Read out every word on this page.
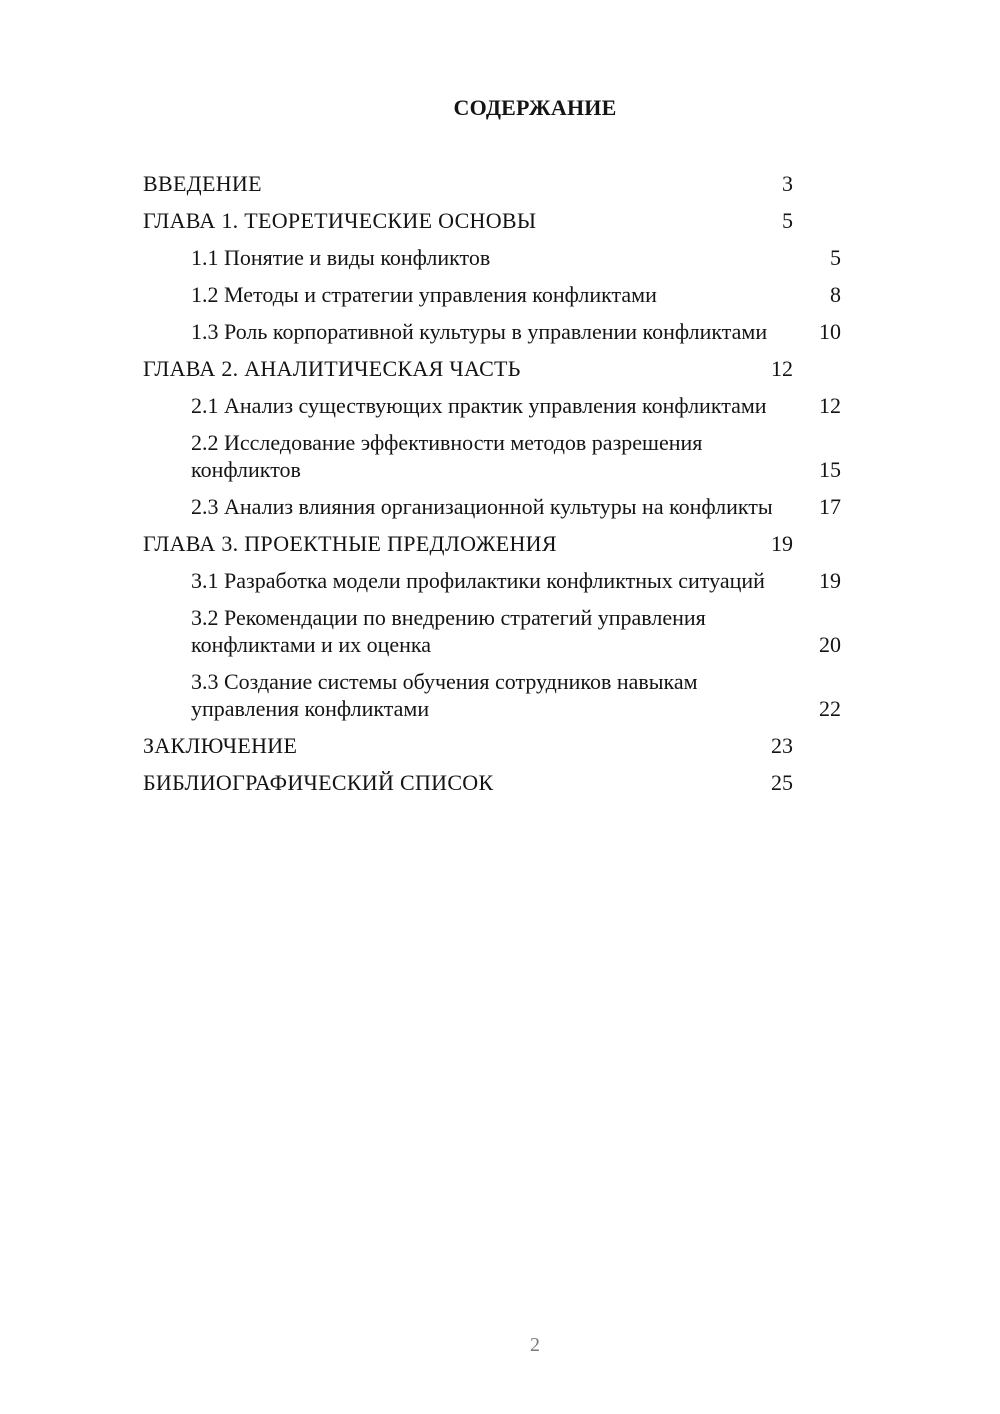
СОДЕРЖАНИЕ
ВВЕДЕНИЕ	3
ГЛАВА 1. ТЕОРЕТИЧЕСКИЕ ОСНОВЫ	5
1.1 Понятие и виды конфликтов	5
1.2 Методы и стратегии управления конфликтами	8
1.3 Роль корпоративной культуры в управлении конфликтами	10
ГЛАВА 2. АНАЛИТИЧЕСКАЯ ЧАСТЬ	12
2.1 Анализ существующих практик управления конфликтами	12
2.2 Исследование эффективности методов разрешения конфликтов	15
2.3 Анализ влияния организационной культуры на конфликты	17
ГЛАВА 3. ПРОЕКТНЫЕ ПРЕДЛОЖЕНИЯ	19
3.1 Разработка модели профилактики конфликтных ситуаций	19
3.2 Рекомендации по внедрению стратегий управления конфликтами и их оценка	20
3.3 Создание системы обучения сотрудников навыкам управления конфликтами	22
ЗАКЛЮЧЕНИЕ	23
БИБЛИОГРАФИЧЕСКИЙ СПИСОК	25
2
